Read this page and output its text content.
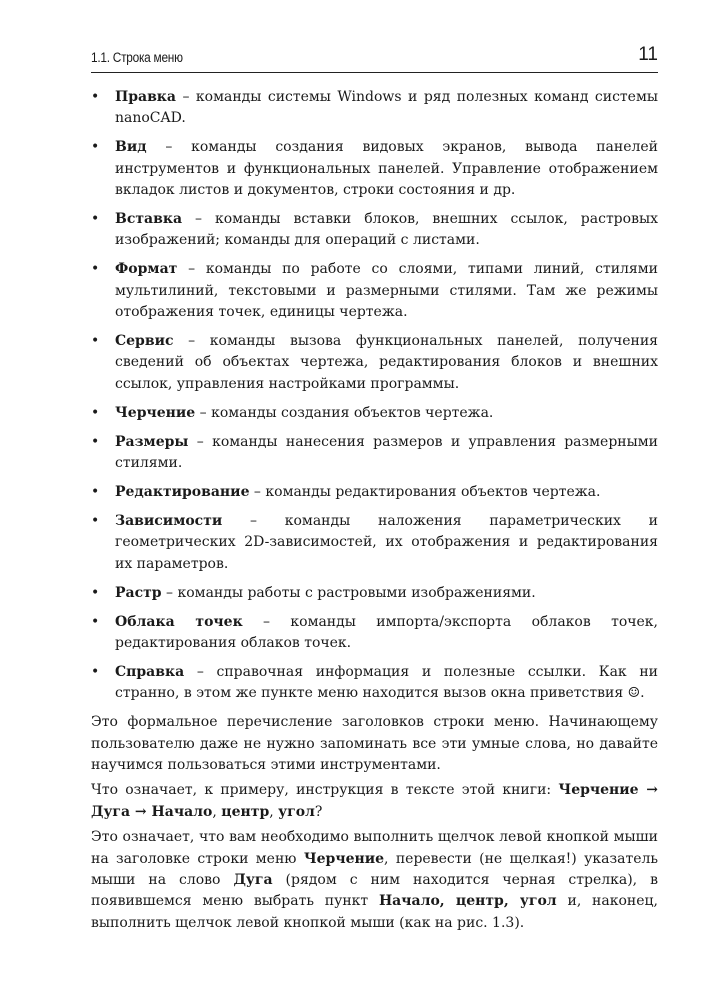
1.1. Строка меню	11
• Правка – команды системы Windows и ряд полезных команд системы nanoCAD.
• Вид – команды создания видовых экранов, вывода панелей инструментов и функциональных панелей. Управление отображением вкладок листов и документов, строки состояния и др.
• Вставка – команды вставки блоков, внешних ссылок, растровых изображений; команды для операций с листами.
• Формат – команды по работе со слоями, типами линий, стилями мультилиний, текстовыми и размерными стилями. Там же режимы отображения точек, единицы чертежа.
• Сервис – команды вызова функциональных панелей, получения сведений об объектах чертежа, редактирования блоков и внешних ссылок, управления настройками программы.
• Черчение – команды создания объектов чертежа.
• Размеры – команды нанесения размеров и управления размерными стилями.
• Редактирование – команды редактирования объектов чертежа.
• Зависимости – команды наложения параметрических и геометрических 2D-зависимостей, их отображения и редактирования их параметров.
• Растр – команды работы с растровыми изображениями.
• Облака точек – команды импорта/экспорта облаков точек, редактирования облаков точек.
• Справка – справочная информация и полезные ссылки. Как ни странно, в этом же пункте меню находится вызов окна приветствия ☺.

Это формальное перечисление заголовков строки меню. Начинающему пользователю даже не нужно запоминать все эти умные слова, но давайте научимся пользоваться этими инструментами.

Что означает, к примеру, инструкция в тексте этой книги: Черчение → Дуга → Начало, центр, угол?

Это означает, что вам необходимо выполнить щелчок левой кнопкой мыши на заголовке строки меню Черчение, перевести (не щелкая!) указатель мыши на слово Дуга (рядом с ним находится черная стрелка), в появившемся меню выбрать пункт Начало, центр, угол и, наконец, выполнить щелчок левой кнопкой мыши (как на рис. 1.3).
